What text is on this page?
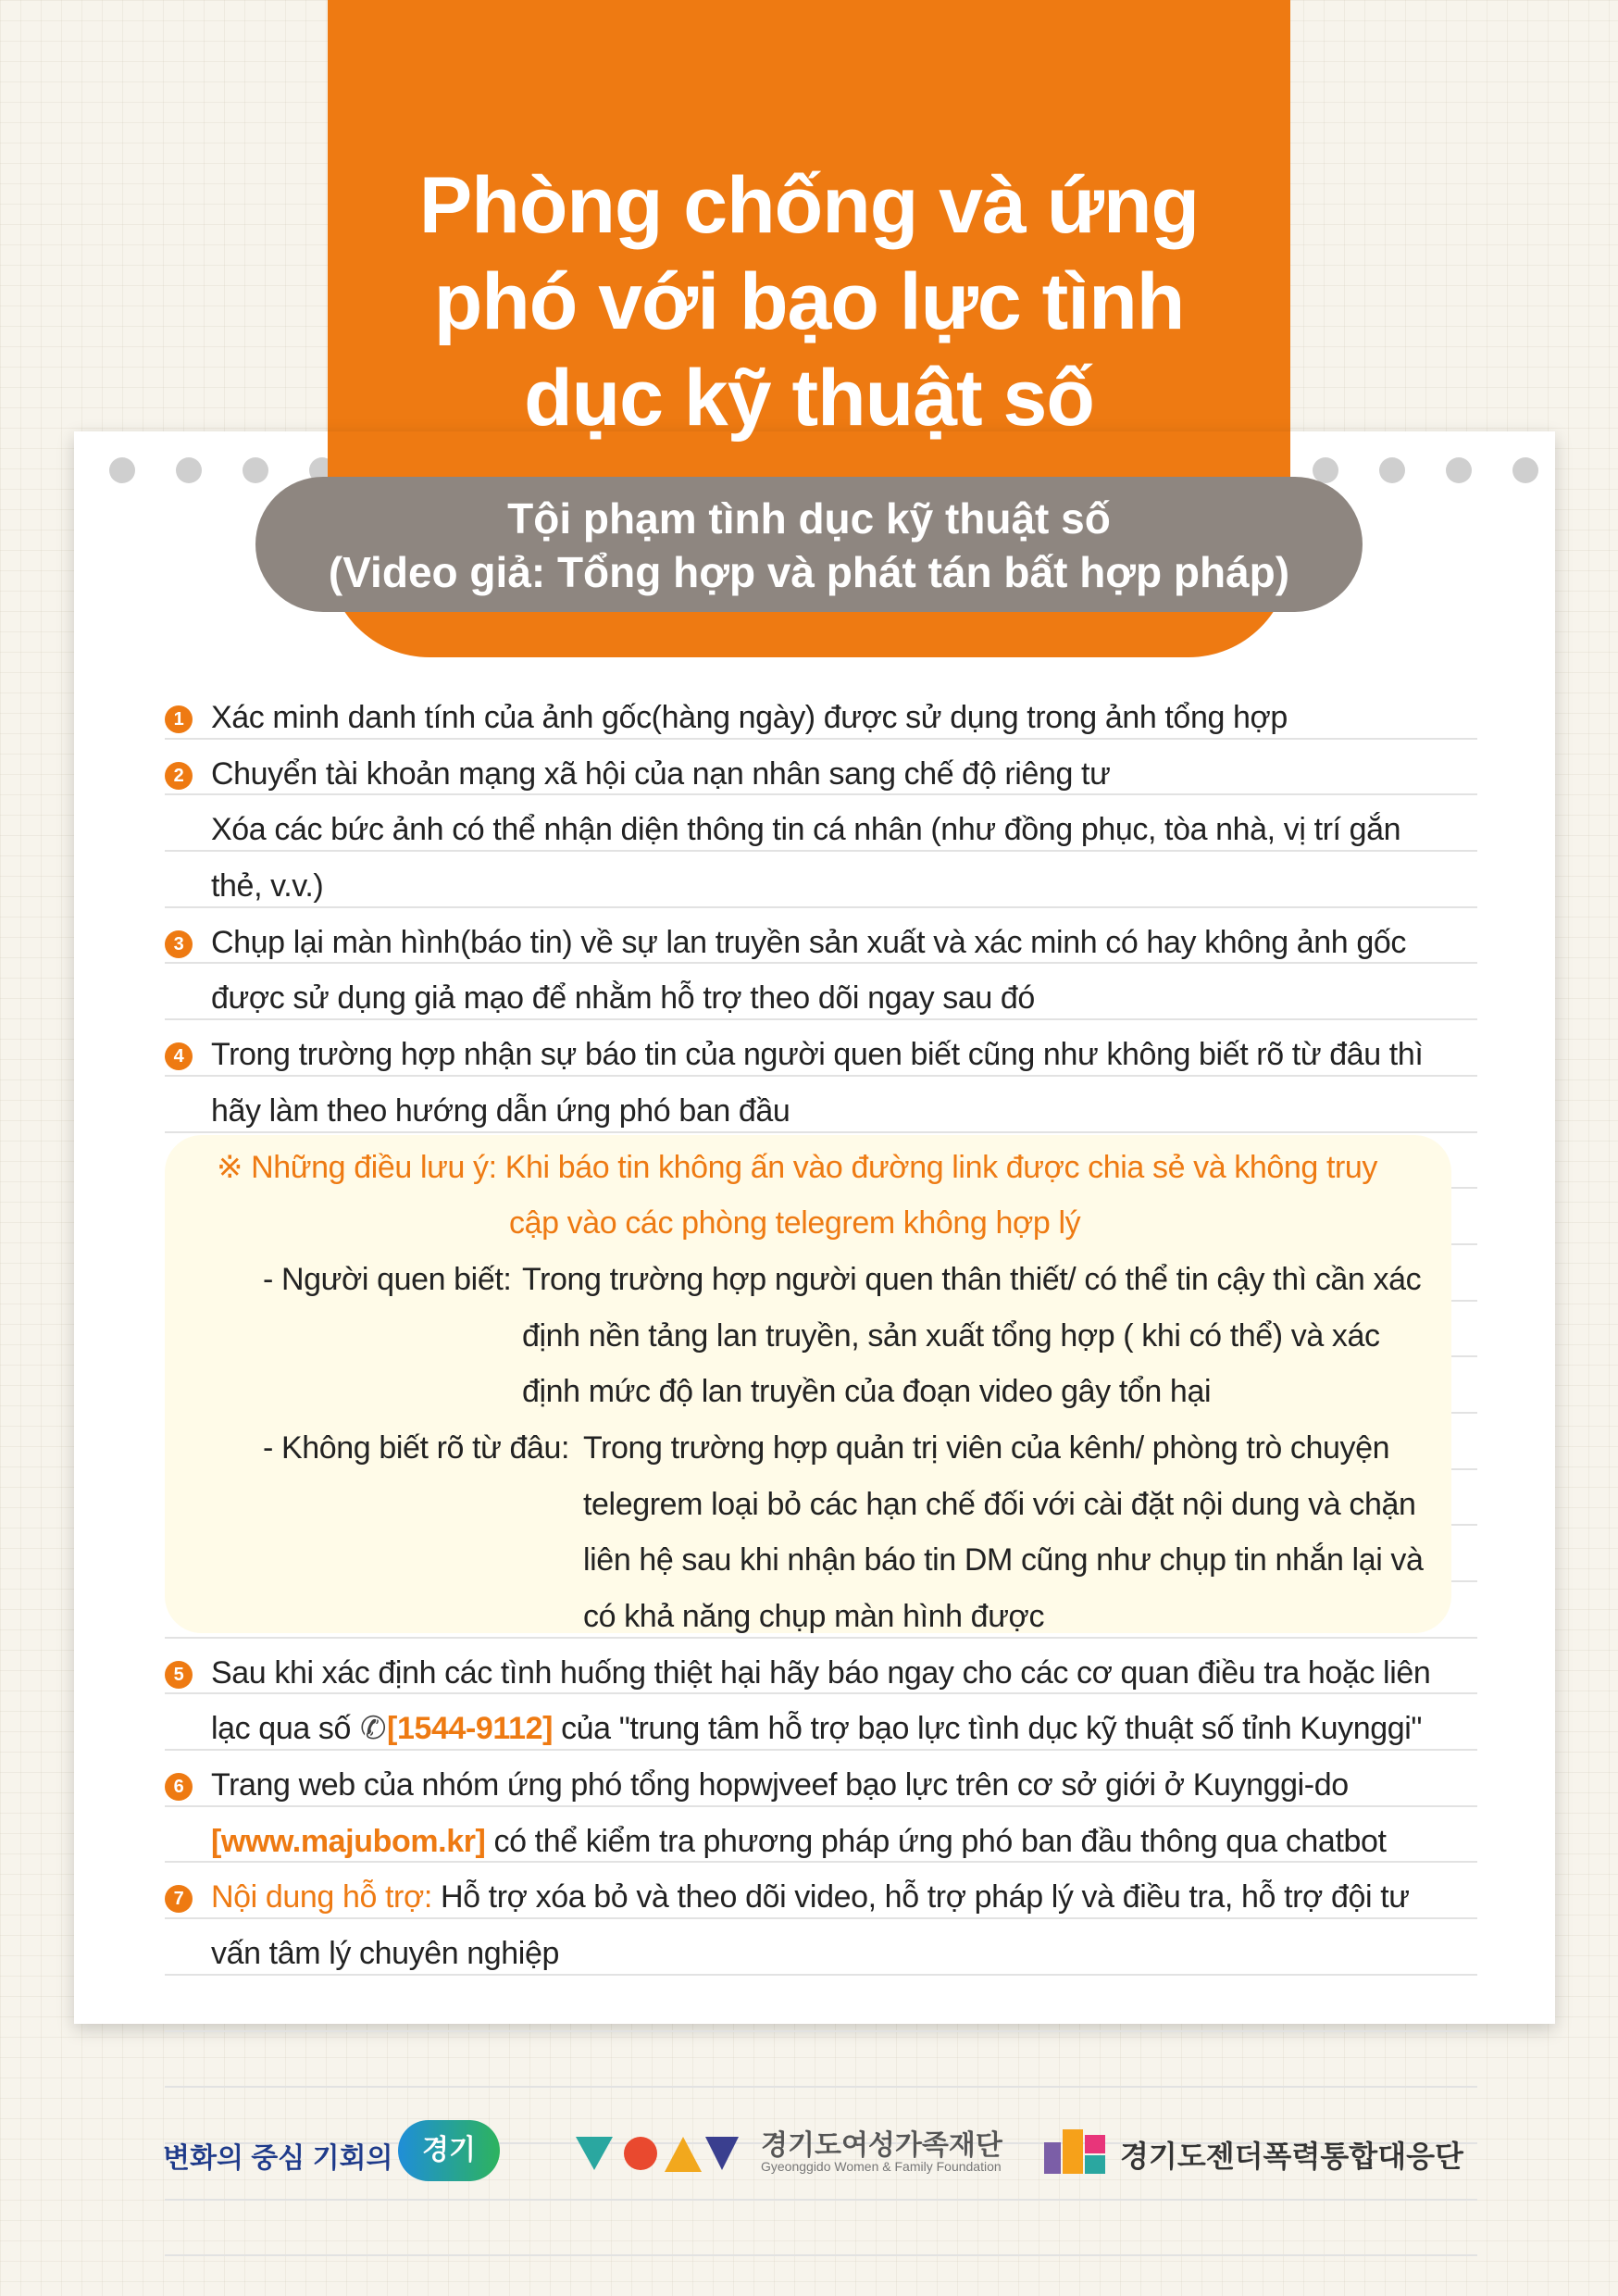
Phòng chống và ứng
phó với bạo lực tình
dục kỹ thuật số
Tội phạm tình dục kỹ thuật số
(Video giả: Tổng hợp và phát tán bất hợp pháp)
1 Xác minh danh tính của ảnh gốc(hàng ngày) được sử dụng trong ảnh tổng hợp
2 Chuyển tài khoản mạng xã hội của nạn nhân sang chế độ riêng tư
Xóa các bức ảnh có thể nhận diện thông tin cá nhân (như đồng phục, tòa nhà, vị trí gắn
thẻ, v.v.)
3 Chụp lại màn hình(báo tin) về sự lan truyền sản xuất và xác minh có hay không ảnh gốc
được sử dụng giả mạo để nhằm hỗ trợ theo dõi ngay sau đó
4 Trong trường hợp nhận sự báo tin của người quen biết cũng như không biết rõ từ đâu thì
hãy làm theo hướng dẫn ứng phó ban đầu
※ Những điều lưu ý: Khi báo tin không ấn vào đường link được chia sẻ và không truy
cập vào các phòng telegrem không hợp lý
- Người quen biết: Trong trường hợp người quen thân thiết/ có thể tin cậy thì cần xác
định nền tảng lan truyền, sản xuất tổng hợp ( khi có thể) và xác
định mức độ lan truyền của đoạn video gây tổn hại
- Không biết rõ từ đâu: Trong trường hợp quản trị viên của kênh/ phòng trò chuyện
telegrem loại bỏ các hạn chế đối với cài đặt nội dung và chặn
liên hệ sau khi nhận báo tin DM cũng như chụp tin nhắn lại và
có khả năng chụp màn hình được
5 Sau khi xác định các tình huống thiệt hại hãy báo ngay cho các cơ quan điều tra hoặc liên
lạc qua số ✆[1544-9112] của "trung tâm hỗ trợ bạo lực tình dục kỹ thuật số tỉnh Kuynggi"
6 Trang web của nhóm ứng phó tổng hopwjveef bạo lực trên cơ sở giới ở Kuynggi-do
[www.majubom.kr] có thể kiểm tra phương pháp ứng phó ban đầu thông qua chatbot
7 Nội dung hỗ trợ: Hỗ trợ xóa bỏ và theo dõi video, hỗ trợ pháp lý và điều tra, hỗ trợ đội tư
vấn tâm lý chuyên nghiệp
변화의 중심 기회의	경기	경기도여성가족재단
Gyeonggido Women & Family Foundation	경기도젠더폭력통합대응단
